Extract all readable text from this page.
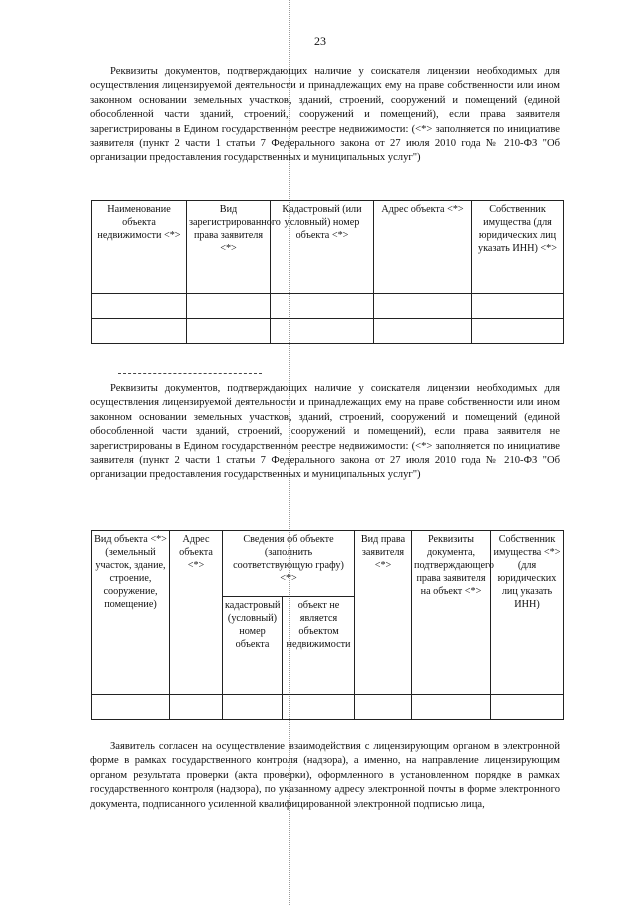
23

Реквизиты документов, подтверждающих наличие у соискателя лицензии необходимых для осуществления лицензируемой деятельности и принадлежащих ему на праве собственности или ином законном основании земельных участков, зданий, строений, сооружений и помещений (единой обособленной части зданий, строений, сооружений и помещений), если права заявителя зарегистрированы в Едином государственном реестре недвижимости: (<*> заполняется по инициативе заявителя (пункт 2 части 1 статьи 7 Федерального закона от 27 июля 2010 года № 210-ФЗ "Об организации предоставления государственных и муниципальных услуг")

Наименование объекта недвижимости <*>	Вид зарегистрированного права заявителя <*>	Кадастровый (или условный) номер объекта <*>	Адрес объекта <*>	Собственник имущества (для юридических лиц указать ИНН) <*>

Реквизиты документов, подтверждающих наличие у соискателя лицензии необходимых для осуществления лицензируемой деятельности и принадлежащих ему на праве собственности или ином законном основании земельных участков, зданий, строений, сооружений и помещений (единой обособленной части зданий, строений, сооружений и помещений), если права заявителя не зарегистрированы в Едином государственном реестре недвижимости: (<*> заполняется по инициативе заявителя (пункт 2 части 1 статьи 7 Федерального закона от 27 июля 2010 года № 210-ФЗ "Об организации предоставления государственных и муниципальных услуг")

Вид объекта <*> (земельный участок, здание, строение, сооружение, помещение)	Адрес объекта <*>	Сведения об объекте (заполнить соответствующую графу) <*>		Вид права заявителя <*>	Реквизиты документа, подтверждающего права заявителя на объект <*>	Собственник имущества <*> (для юридических лиц указать ИНН)
		кадастровый (условный) номер объекта	объект не является объектом недвижимости			

Заявитель согласен на осуществление взаимодействия с лицензирующим органом в электронной форме в рамках государственного контроля (надзора), а именно, на направление лицензирующим органом результата проверки (акта проверки), оформленного в установленном порядке в рамках государственного контроля (надзора), по указанному адресу электронной почты в форме электронного документа, подписанного усиленной квалифицированной электронной подписью лица,
